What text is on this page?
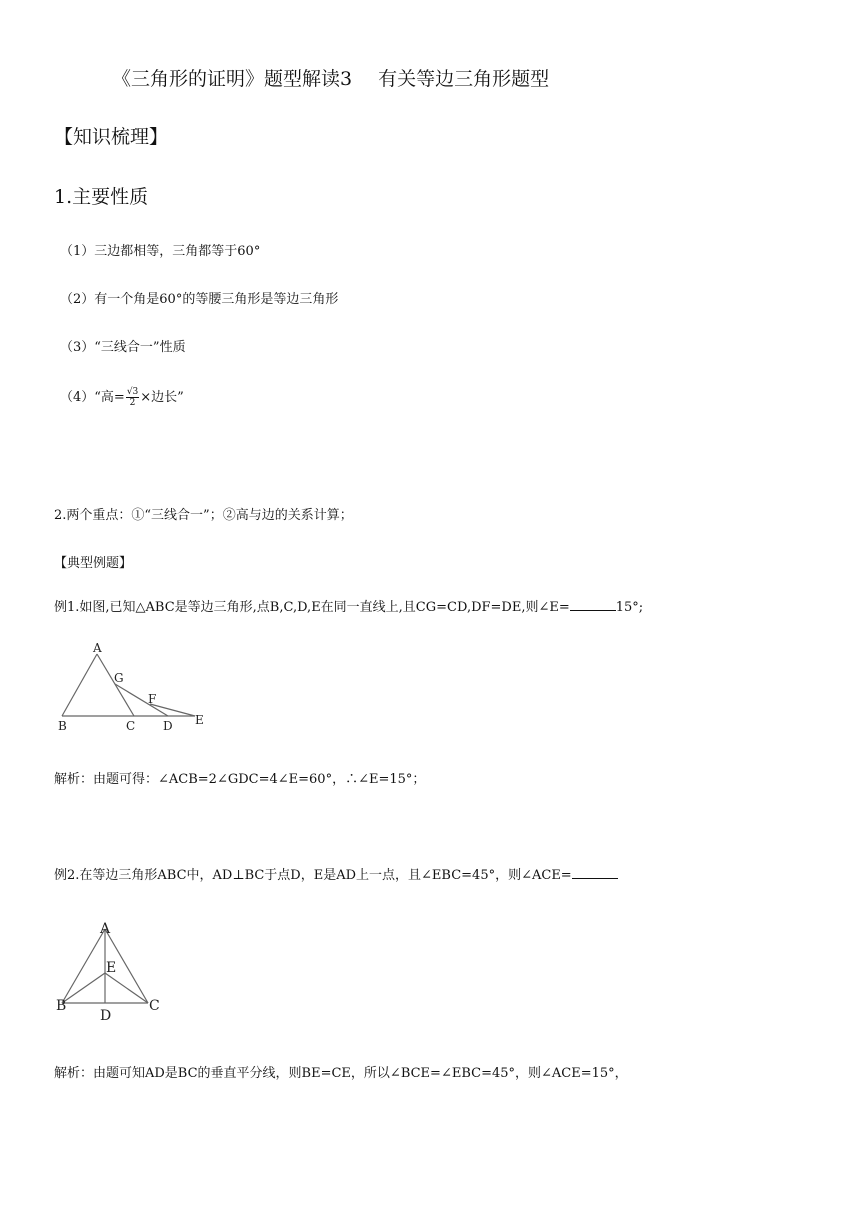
《三角形的证明》题型解读3 有关等边三角形题型
【知识梳理】
1.主要性质
（1）三边都相等，三角都等于60°
（2）有一个角是60°的等腰三角形是等边三角形
（3）“三线合一”性质
（4）“高= $\frac{√3}{2}$ ×边长”
2.两个重点：①“三线合一”；②高与边的关系计算；
【典型例题】
例1.如图,已知△ABC是等边三角形,点B,C,D,E在同一直线上,且CG=CD,DF=DE,则∠E=	15°;
A
G
F
B	C D E
解析：由题可得：∠ACB=2∠GDC=4∠E=60°，∴∠E=15°；
例2.在等边三角形ABC中，AD⊥BC于点D，E是AD上一点，且∠EBC=45°，则∠ACE=
A
E
B	C
D
解析：由题可知AD是BC的垂直平分线，则BE=CE，所以∠BCE=∠EBC=45°，则∠ACE=15°，
